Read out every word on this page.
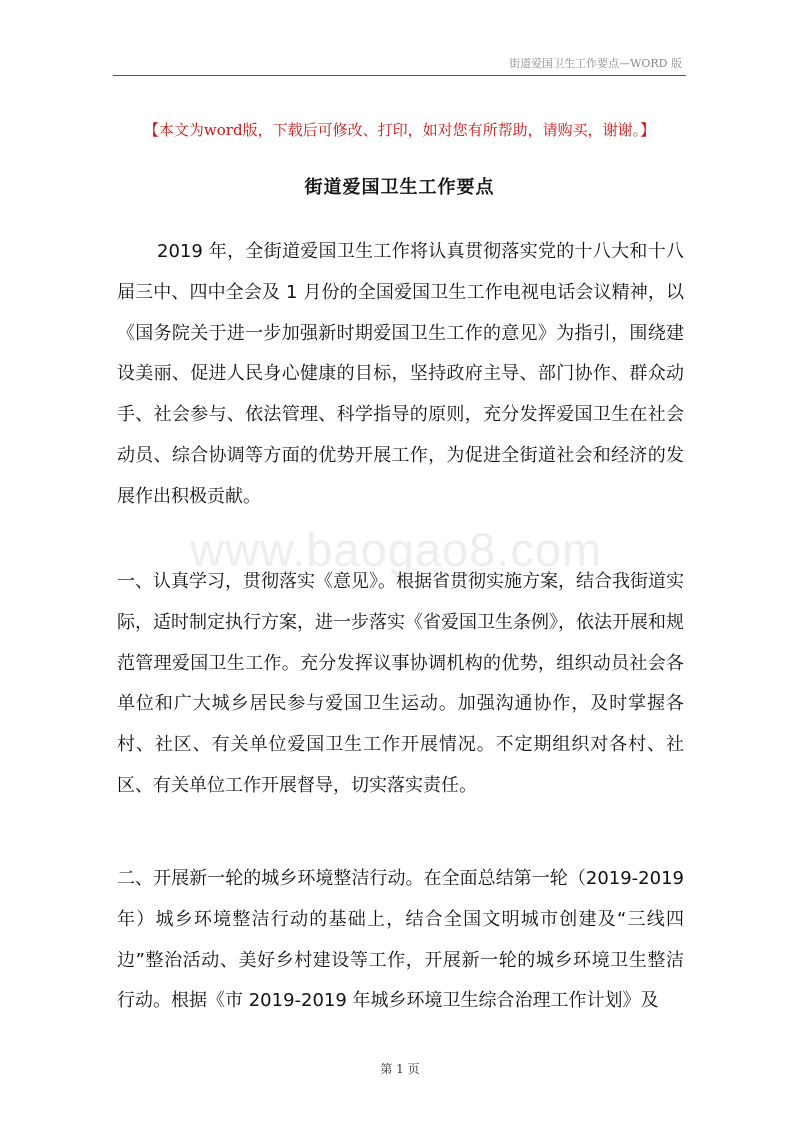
街道爱国卫生工作要点—WORD 版
【本文为word版，下载后可修改、打印，如对您有所帮助，请购买，谢谢。】
街道爱国卫生工作要点

2019 年，全街道爱国卫生工作将认真贯彻落实党的十八大和十八届三中、四中全会及 1 月份的全国爱国卫生工作电视电话会议精神，以《国务院关于进一步加强新时期爱国卫生工作的意见》为指引，围绕建设美丽、促进人民身心健康的目标，坚持政府主导、部门协作、群众动手、社会参与、依法管理、科学指导的原则，充分发挥爱国卫生在社会动员、综合协调等方面的优势开展工作，为促进全街道社会和经济的发展作出积极贡献。

www.baogao8.com

一、认真学习，贯彻落实《意见》。根据省贯彻实施方案，结合我街道实际，适时制定执行方案，进一步落实《省爱国卫生条例》，依法开展和规范管理爱国卫生工作。充分发挥议事协调机构的优势，组织动员社会各单位和广大城乡居民参与爱国卫生运动。加强沟通协作，及时掌握各村、社区、有关单位爱国卫生工作开展情况。不定期组织对各村、社区、有关单位工作开展督导，切实落实责任。

二、开展新一轮的城乡环境整洁行动。在全面总结第一轮（2019-2019年）城乡环境整洁行动的基础上，结合全国文明城市创建及“三线四边”整治活动、美好乡村建设等工作，开展新一轮的城乡环境卫生整洁行动。根据《市 2019-2019 年城乡环境卫生综合治理工作计划》及

第 1 页
